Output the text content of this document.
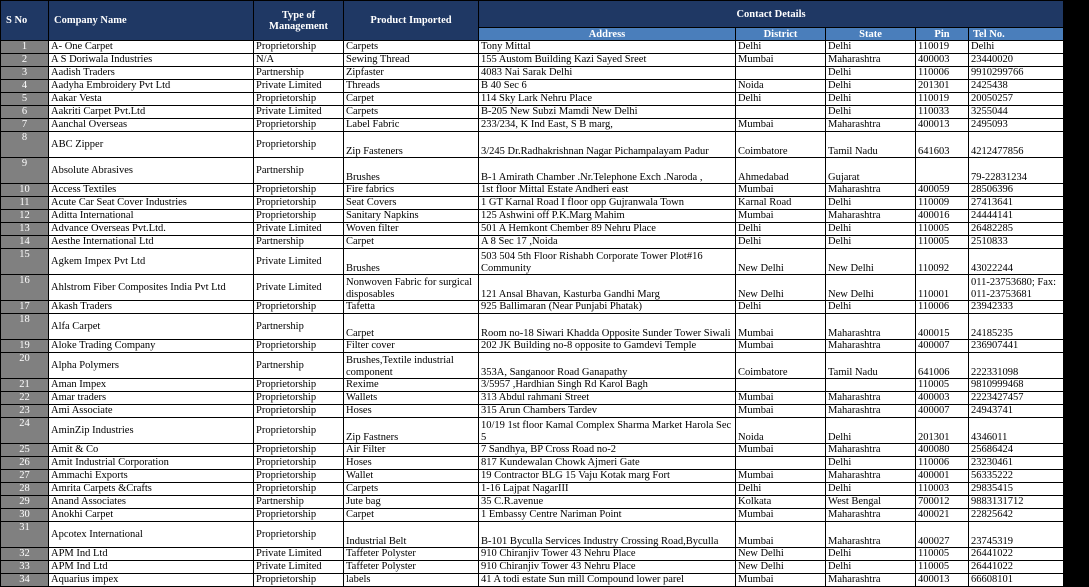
S No	Company Name	Type of Management	Product Imported	Contact Details				
				Address	District	State	Pin	Tel No.
1	A- One Carpet	Proprietorship	Carpets	Tony Mittal	Delhi	Delhi	110019	Delhi
2	A S Doriwala Industries	N/A	Sewing Thread	155 Austom Building Kazi Sayed Sreet	Mumbai	Maharashtra	400003	23440020
3	Aadish Traders	Partnership	Zipfaster	4083 Nai Sarak Delhi		Delhi	110006	9910299766
4	Aadyha Embroidery Pvt Ltd	Private Limited	Threads	B 40 Sec 6	Noida	Delhi	201301	2425438
5	Aakar Vesta	Proprietorship	Carpet	114 Sky Lark Nehru Place	Delhi	Delhi	110019	20050257
6	Aakriti Carpet Pvt.Ltd	Private Limited	Carpets	B-205 New Subzi Mamdi New Delhi		Delhi	110033	3255044
7	Aanchal Overseas	Proprietorship	Label Fabric	233/234, K Ind East, S B marg,	Mumbai	Maharashtra	400013	2495093
8	ABC Zipper	Proprietorship	Zip Fasteners	3/245 Dr.Radhakrishnan Nagar Pichampalayam Padur	Coimbatore	Tamil Nadu	641603	4212477856
9	Absolute Abrasives	Partnership	Brushes	B-1 Amirath Chamber .Nr.Telephone Exch .Naroda ,	Ahmedabad	Gujarat		79-22831234
10	Access Textiles	Proprietorship	Fire fabrics	1st floor Mittal Estate Andheri east	Mumbai	Maharashtra	400059	28506396
11	Acute Car Seat Cover Industries	Proprietorship	Seat Covers	1 GT Karnal Road I floor opp Gujranwala Town	Karnal Road	Delhi	110009	27413641
12	Aditta International	Proprietorship	Sanitary Napkins	125 Ashwini off P.K.Marg Mahim	Mumbai	Maharashtra	400016	24444141
13	Advance Overseas Pvt.Ltd.	Private Limited	Woven filter	501 A Hemkont Chember 89 Nehru Place	Delhi	Delhi	110005	26482285
14	Aesthe International Ltd	Partnership	Carpet	A 8 Sec 17 ,Noida	Delhi	Delhi	110005	2510833
15	Agkem Impex Pvt Ltd	Private Limited	Brushes	503 504 5th Floor Rishabh Corporate Tower Plot#16 Community	New Delhi	New Delhi	110092	43022244
16	Ahlstrom Fiber Composites India Pvt Ltd	Private Limited	Nonwoven Fabric for surgical disposables	121 Ansal Bhavan, Kasturba Gandhi Marg	New Delhi	New Delhi	110001	011-23753680; Fax: 011-23753681
17	Akash Traders	Proprietorship	Tafetta	925 Ballimaran (Near Punjabi Phatak)	Delhi	Delhi	110006	23942333
18	Alfa Carpet	Partnership	Carpet	Room no-18 Siwari Khadda Opposite Sunder Tower Siwali	Mumbai	Maharashtra	400015	24185235
19	Aloke Trading Company	Proprietorship	Filter cover	202 JK Building no-8 opposite to Gamdevi Temple	Mumbai	Maharashtra	400007	236907441
20	Alpha Polymers	Partnership	Brushes,Textile industrial component	353A, Sanganoor Road Ganapathy	Coimbatore	Tamil Nadu	641006	222331098
21	Aman Impex	Proprietorship	Rexime	3/5957 ,Hardhian Singh Rd Karol Bagh			110005	9810999468
22	Amar traders	Proprietorship	Wallets	313 Abdul rahmani Street	Mumbai	Maharashtra	400003	2223427457
23	Ami Associate	Proprietorship	Hoses	315 Arun Chambers Tardev	Mumbai	Maharashtra	400007	24943741
24	AminZip Industries	Proprietorship	Zip Fastners	10/19 1st floor Kamal Complex Sharma Market Harola Sec 5	Noida	Delhi	201301	4346011
25	Amit & Co	Proprietorship	Air Filter	7 Sandhya, BP Cross Road no-2	Mumbai	Maharashtra	400080	25686424
26	Amit Industrial Corporation	Proprietorship	Hoses	817 Kundewalan Chowk Ajmeri Gate		Delhi	110006	23230461
27	Ammachi Exports	Proprietorship	Wallet	19 Contractor BLG 15 Vaju Kotak marg Fort	Mumbai	Maharashtra	400001	56335222
28	Amrita Carpets &Crafts	Proprietorship	Carpets	1-16 Lajpat NagarIII	Delhi	Delhi	110003	29835415
29	Anand Associates	Partnership	Jute bag	35 C.R.avenue	Kolkata	West Bengal	700012	9883131712
30	Anokhi Carpet	Proprietorship	Carpet	1 Embassy Centre Nariman Point	Mumbai	Maharashtra	400021	22825642
31	Apcotex International	Proprietorship	Industrial Belt	B-101 Byculla Services Industry Crossing Road,Byculla	Mumbai	Maharashtra	400027	23745319
32	APM Ind Ltd	Private Limited	Taffeter Polyster	910 Chiranjiv Tower 43 Nehru Place	New Delhi	Delhi	110005	26441022
33	APM Ind Ltd	Private Limited	Taffeter Polyster	910 Chiranjiv Tower 43 Nehru Place	New Delhi	Delhi	110005	26441022
34	Aquarius impex	Proprietorship	labels	41 A todi estate Sun mill Compound lower parel	Mumbai	Maharashtra	400013	66608101
